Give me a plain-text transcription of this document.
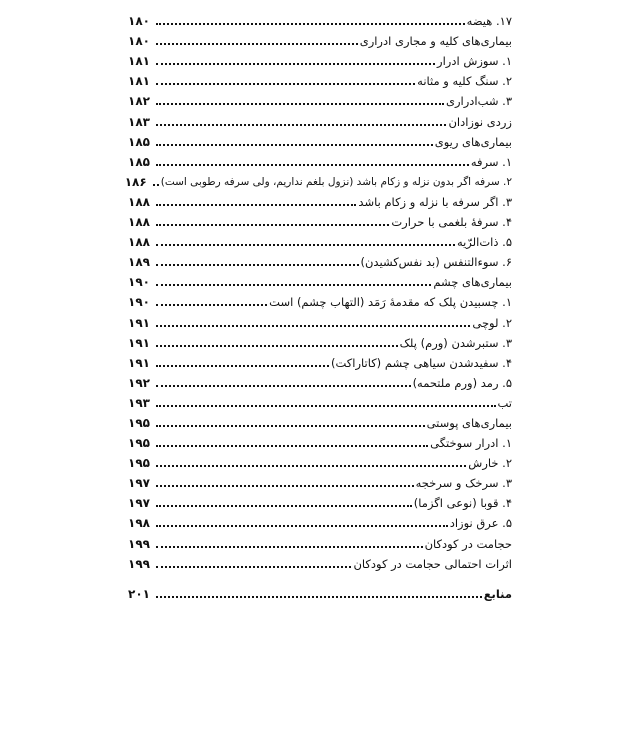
۱۷. هیضه
۱۸۰
بیماری‌های کلیه و مجاری ادراری
۱۸۰
۱. سوزش ادرار
۱۸۱
۲. سنگ کلیه و مثانه
۱۸۱
۳. شب‌ادراری
۱۸۲
زردی نوزادان
۱۸۳
بیماری‌های ریوی
۱۸۵
۱. سرفه
۱۸۵
۲. سرفه اگر بدون نزله و زکام باشد (نزول بلغم نداریم، ولی سرفه رطوبی است)
۱۸۶
۳. اگر سرفه با نزله و زکام باشد
۱۸۸
۴. سرفهٔ بلغمی با حرارت
۱۸۸
۵. ذات‌الرّیه
۱۸۸
۶. سوءالتنفس (بد نفس‌کشیدن)
۱۸۹
بیماری‌های چشم
۱۹۰
۱. چسبیدن پلک که مقدمهٔ رَمَد (التهاب چشم) است
۱۹۰
۲. لوچی
۱۹۱
۳. ستبرشدن (ورم) پلک
۱۹۱
۴. سفیدشدن سیاهی چشم (کاتاراکت)
۱۹۱
۵. رمد (ورم ملتحمه)
۱۹۲
تب
۱۹۳
بیماری‌های پوستی
۱۹۵
۱. ادرار سوختگی
۱۹۵
۲. خارش
۱۹۵
۳. سرخک و سرخجه
۱۹۷
۴. قوبا (نوعی اگزما)
۱۹۷
۵. عرق نوزاد
۱۹۸
حجامت در کودکان
۱۹۹
اثرات احتمالی حجامت در کودکان
۱۹۹
منابع
۲۰۱
